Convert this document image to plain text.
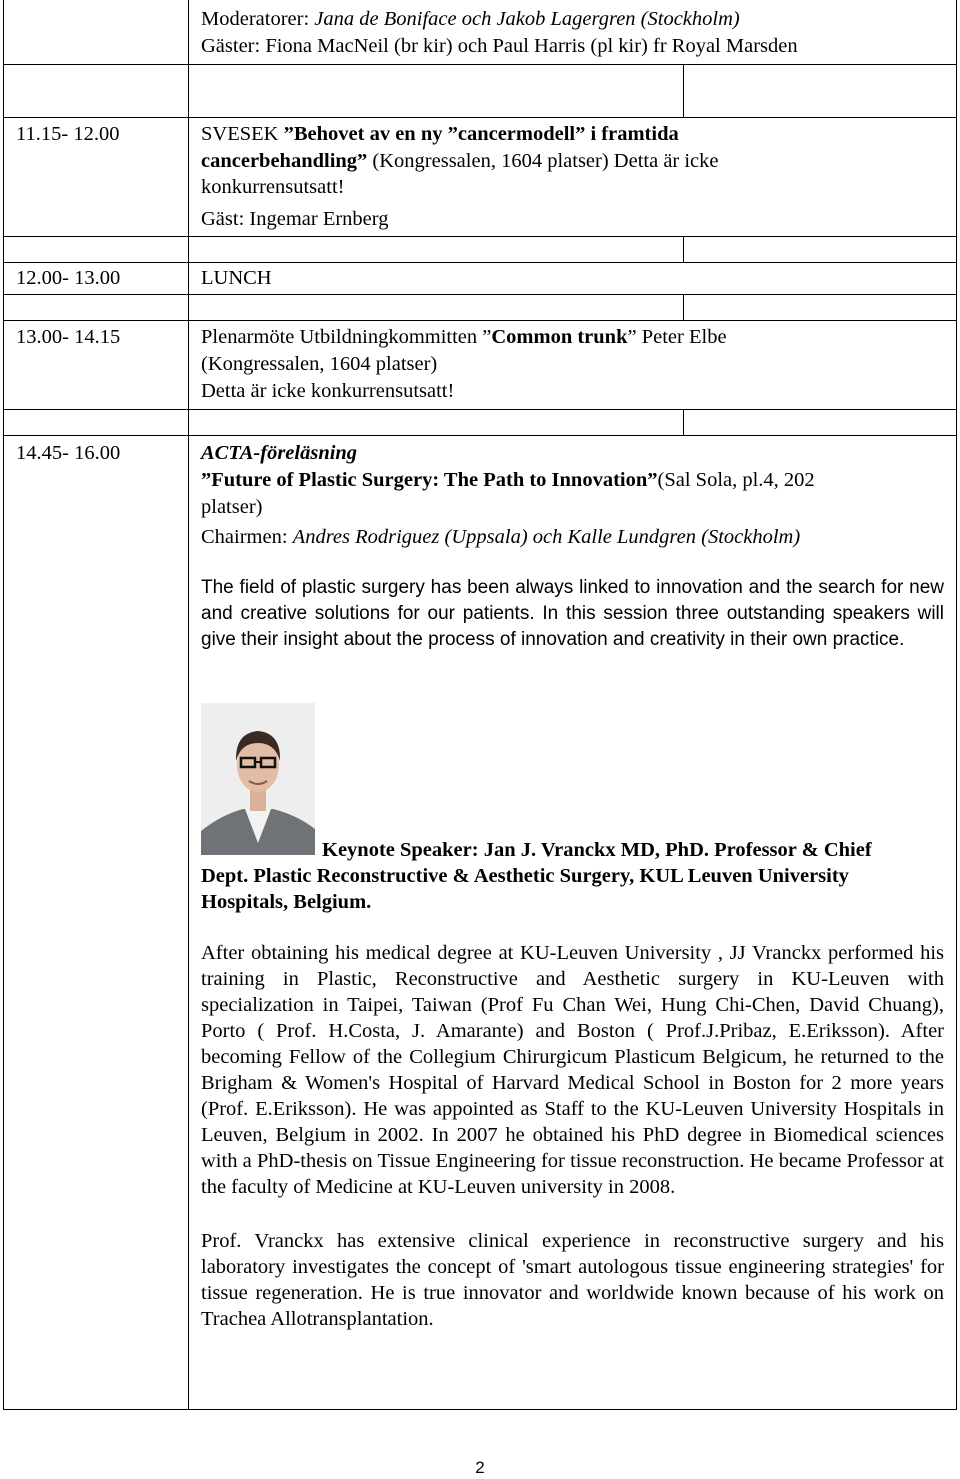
Moderatorer: Jana de Boniface och Jakob Lagergren (Stockholm)
Gäster: Fiona MacNeil (br kir) och Paul Harris (pl kir) fr Royal Marsden
11.15- 12.00	SVESEK ”Behovet av en ny ”cancermodell” i framtida
cancerbehandling” (Kongressalen, 1604 platser) Detta är icke
konkurrensutsatt!
Gäst: Ingemar Ernberg
12.00- 13.00	LUNCH
13.00- 14.15	Plenarmöte Utbildningkommitten ”Common trunk” Peter Elbe
(Kongressalen, 1604 platser)
Detta är icke konkurrensutsatt!
14.45- 16.00	ACTA-föreläsning
”Future of Plastic Surgery: The Path to Innovation”(Sal Sola, pl.4, 202
platser)
Chairmen: Andres Rodriguez (Uppsala) och Kalle Lundgren (Stockholm)
The field of plastic surgery has been always linked to innovation and the search for new and creative solutions for our patients. In this session three outstanding speakers will give their insight about the process of innovation and creativity in their own practice.
Keynote Speaker: Jan J. Vranckx MD, PhD. Professor & Chief
Dept. Plastic Reconstructive & Aesthetic Surgery, KUL Leuven University
Hospitals, Belgium.
After obtaining his medical degree at KU-Leuven University , JJ Vranckx performed his training in Plastic, Reconstructive and Aesthetic surgery in KU-Leuven with specialization in Taipei, Taiwan (Prof Fu Chan Wei, Hung Chi-Chen, David Chuang), Porto ( Prof. H.Costa, J. Amarante) and Boston ( Prof.J.Pribaz, E.Eriksson). After becoming Fellow of the Collegium Chirurgicum Plasticum Belgicum, he returned to the Brigham & Women's Hospital of Harvard Medical School in Boston for 2 more years (Prof. E.Eriksson). He was appointed as Staff to the KU-Leuven University Hospitals in Leuven, Belgium in 2002. In 2007 he obtained his PhD degree in Biomedical sciences with a PhD-thesis on Tissue Engineering for tissue reconstruction. He became Professor at the faculty of Medicine at KU-Leuven university in 2008.
Prof. Vranckx has extensive clinical experience in reconstructive surgery and his laboratory investigates the concept of 'smart autologous tissue engineering strategies' for tissue regeneration. He is true innovator and worldwide known because of his work on Trachea Allotransplantation.
2
